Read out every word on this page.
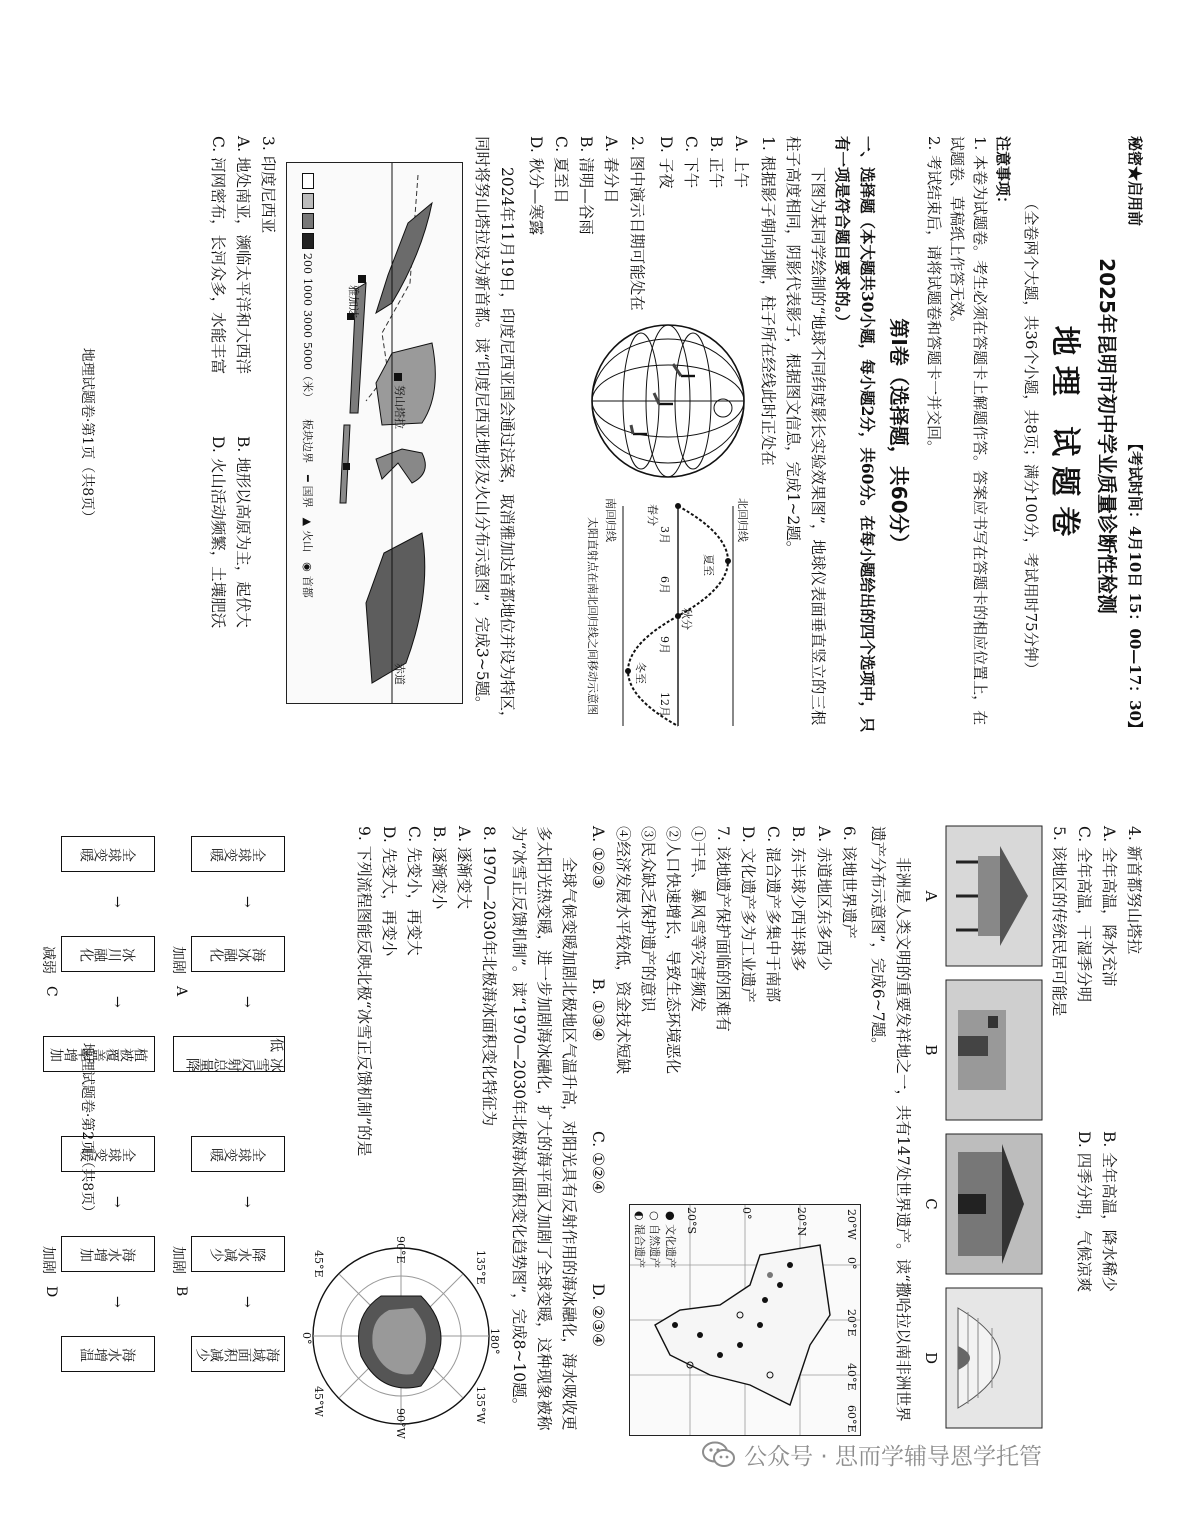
秘密★启用前
【考试时间：4月10日 15：00—17：30】
2025年昆明市初中学业质量诊断性检测
地理 试题卷
（全卷两个大题，共36个小题，共8页；满分100分，考试用时75分钟）
注意事项：
1. 本卷为试题卷。考生必须在答题卡上解题作答。答案应书写在答题卡的相应位置上，在试题卷、草稿纸上作答无效。
2. 考试结束后，请将试题卷和答题卡一并交回。
第Ⅰ卷（选择题，共60分）
一、选择题（本大题共30小题，每小题2分，共60分。在每小题给出的四个选项中，只有一项是符合题目要求的。）
下图为某同学绘制的“地球不同纬度影长实验效果图”，地球仪表面垂直竖立的三根柱子高度相同，阴影代表影子，根据图文信息，完成1~2题。
1. 根据影子朝向判断，柱子所在经线此时正处在
A. 上午
B. 正午
C. 下午
D. 子夜
2. 图中演示日期可能处在
A. 春分日
B. 清明—谷雨
C. 夏至日
D. 秋分—寒露
北回归线
南回归线	春分
夏至
秋分
冬至
3月
6月
9月
12月
太阳直射点在南北回归线之间移动示意图
2024年11月19日，印度尼西亚国会通过法案，取消雅加达首都地位并设为特区，同时将努山塔拉设为新首都。读“印度尼西亚地形及火山分布示意图”，完成3~5题。
雅加达
努山塔拉
赤道
200
1000
3000
5000（米）
板块边界
━
国界
▲
火山
◉
首都
3. 印度尼西亚
A. 地处南亚，濒临太平洋和大西洋
B. 地形以高原为主，起伏大
C. 河网密布，长河众多，水能丰富
D. 火山活动频繁，土壤肥沃
地理试题卷·第1页（共8页）
4. 新首都努山塔拉
A. 全年高温，降水充沛
B. 全年高温，降水稀少
C. 全年高温，干湿季分明
D. 四季分明，气候凉爽
5. 该地区的传统民居可能是
A
B
C
D
非洲是人类文明的重要发祥地之一，共有147处世界遗产。读“撒哈拉以南非洲世界遗产分布示意图”，完成6~7题。
6. 该地世界遗产
A. 赤道地区东多西少
B. 东半球少西半球多
C. 混合遗产多集中于南部
D. 文化遗产多为工业遗产
7. 该地遗产保护面临的困难有
①干旱、暴风雪等灾害频发
②人口快速增长，导致生态环境恶化
③民众缺乏保护遗产的意识
④经济发展水平较低，资金技术短缺
20°N
0°
20°S	20°W
0°
20°E
40°E
60°E
● 文化遗产
○ 自然遗产
◐ 混合遗产
A. ①②③
B. ①③④
C. ①②④
D. ②③④
全球气候变暖加剧北极地区气温升高，对阳光具有反射作用的海冰融化，海水吸收更多太阳光热变暖，进一步加剧海冰融化，扩大的海平面又加剧了全球变暖，这种现象被称为“冰雪正反馈机制”。读“1970—2030年北极海冰面积变化趋势图”，完成8~10题。
8. 1970—2030年北极海冰面积变化特征为
A. 逐渐变大
B. 逐渐变小
C. 先变小，再变大
D. 先变大，再变小
9. 下列流程图能反映北极“冰雪正反馈机制”的是
180°
135°W
90°W
45°W
0°
45°E
90°E
135°E
全球变暖
海冰融化
冰雪反射总量降低
→
→
加剧
A
全球变暖
降水减少
海域面积减少
→
→
加剧
B
全球变暖
冰川融化
植被覆盖率增加
→
→
减弱
C
全球变暖
海水增加
海水增温
→
→
加剧
D
地理试题卷·第2页（共8页）
公众号 · 思而学辅导恩学托管
